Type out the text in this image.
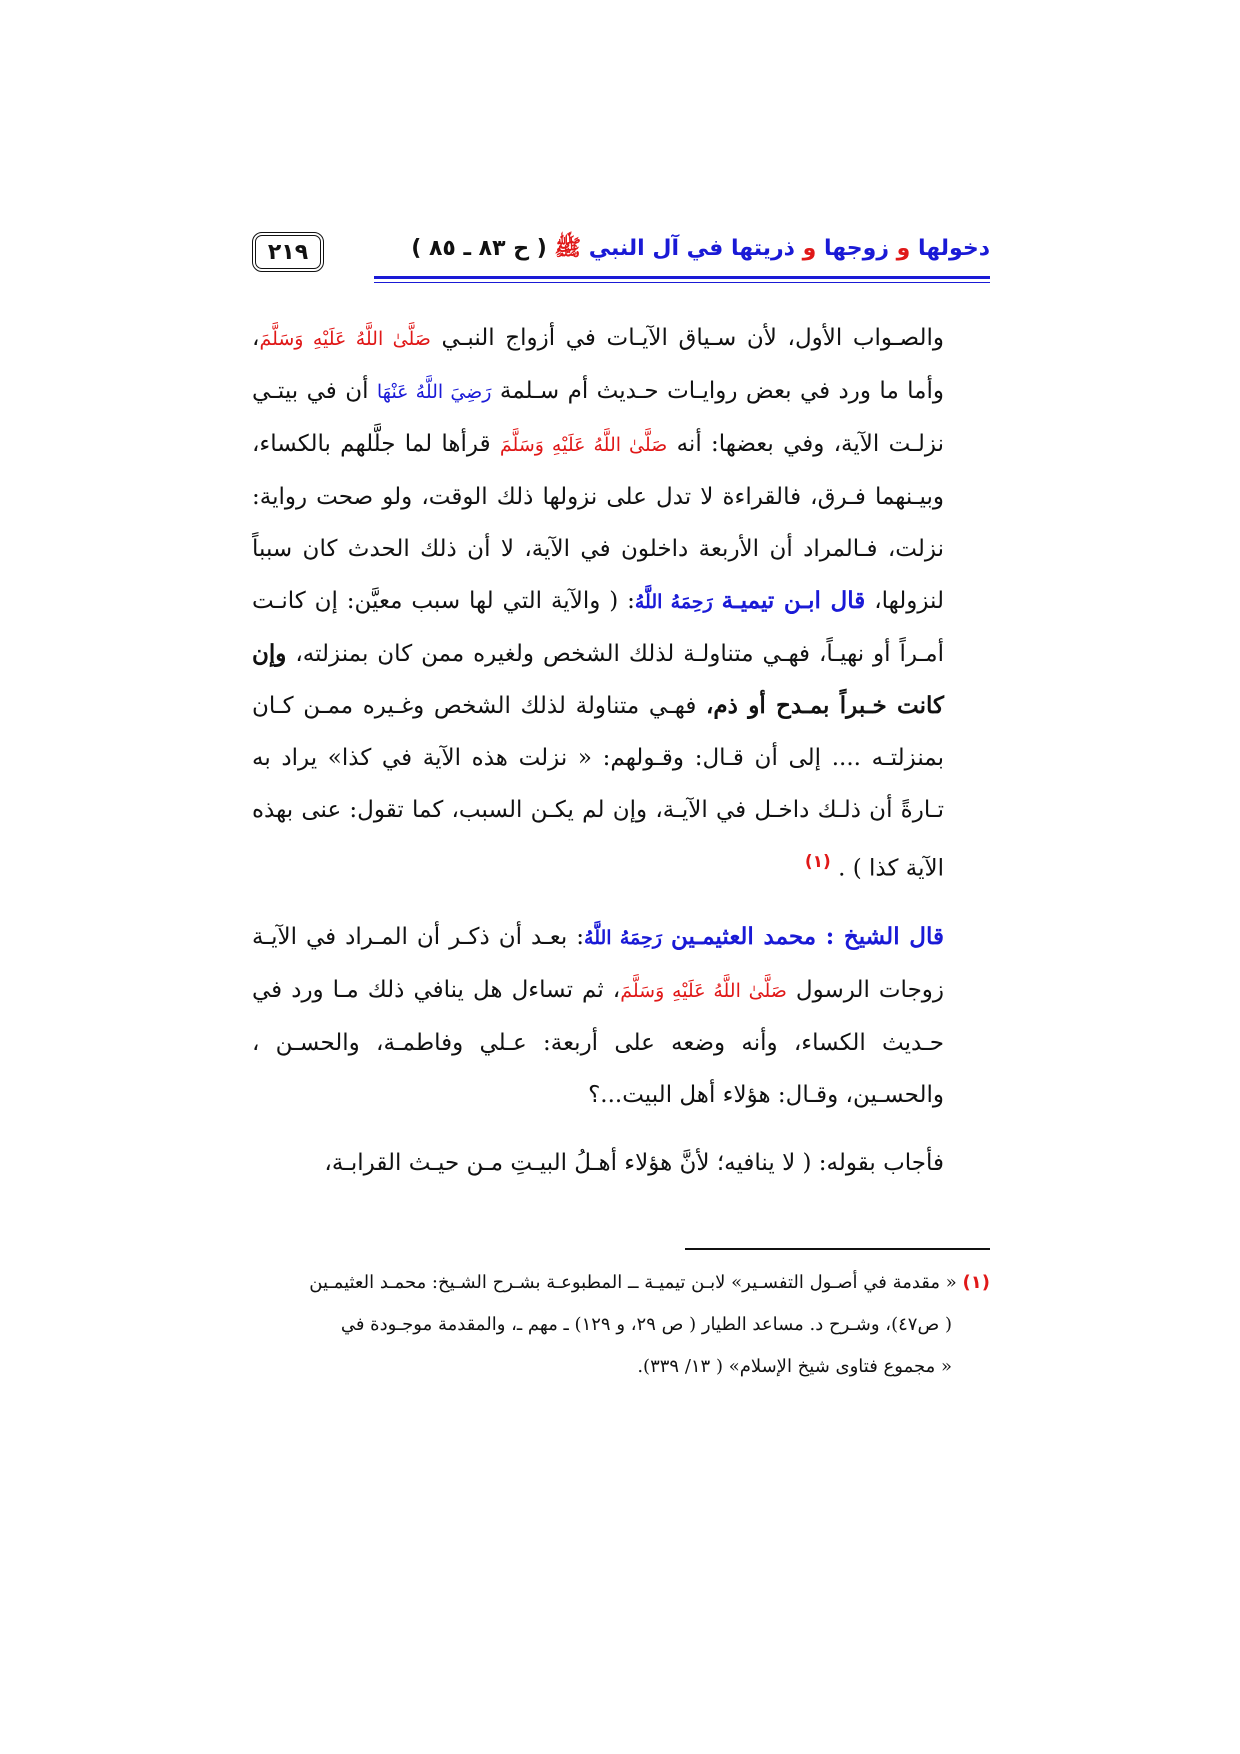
٢١٩	دخولها و زوجها و ذريتها في آل النبي ﷺ ( ح ٨٣ ـ ٨٥ )

والصـواب الأول، لأن سـياق الآيـات في أزواج النبـي صَلَّىٰ اللَّهُ عَلَيْهِ وَسَلَّمَ، وأما ما ورد في بعض روايـات حـديث أم سـلمة رَضِيَ اللَّهُ عَنْهَا أن في بيتـي نزلـت الآية، وفي بعضها: أنه صَلَّىٰ اللَّهُ عَلَيْهِ وَسَلَّمَ قرأها لما جلَّلهم بالكساء، وبيـنهما فـرق، فالقراءة لا تدل على نزولها ذلك الوقت، ولو صحت رواية: نزلت، فـالمراد أن الأربعة داخلون في الآية، لا أن ذلك الحدث كان سبباً لنزولها، قال ابـن تيميـة رَحِمَهُ اللَّهُ: ( والآية التي لها سبب معيَّن: إن كانـت أمـراً أو نهيـاً، فهـي متناولـة لذلك الشخص ولغيره ممن كان بمنزلته، وإن كانت خـبراً بمـدح أو ذم، فهـي متناولة لذلك الشخص وغـيره ممـن كـان بمنزلتـه .... إلى أن قـال: وقـولهم: « نزلت هذه الآية في كذا» يراد به تـارةً أن ذلـك داخـل في الآيـة، وإن لم يكـن السبب، كما تقول: عنى بهذه الآية كذا ) . $^{(١)}$

قال الشيخ : محمد العثيمـين رَحِمَهُ اللَّهُ: بعـد أن ذكـر أن المـراد في الآيـة زوجات الرسول صَلَّىٰ اللَّهُ عَلَيْهِ وَسَلَّمَ، ثم تساءل هل ينافي ذلك مـا ورد في حـديث الكساء، وأنه وضعه على أربعة: عـلي وفاطمـة، والحسـن ، والحسـين، وقـال: هؤلاء أهل البيت...؟

فأجاب بقوله: ( لا ينافيه؛ لأنَّ هؤلاء أهـلُ البيـتِ مـن حيـث القرابـة،

(١) « مقدمة في أصـول التفسـير» لابـن تيميـة ــ المطبوعـة بشـرح الشـيخ: محمـد العثيمـين

( ص٤٧)، وشـرح د. مساعد الطيار ( ص ٢٩، و ١٢٩) ـ مهم ـ، والمقدمة موجـودة في

« مجموع فتاوى شيخ الإسلام» ( ١٣/ ٣٣٩).
